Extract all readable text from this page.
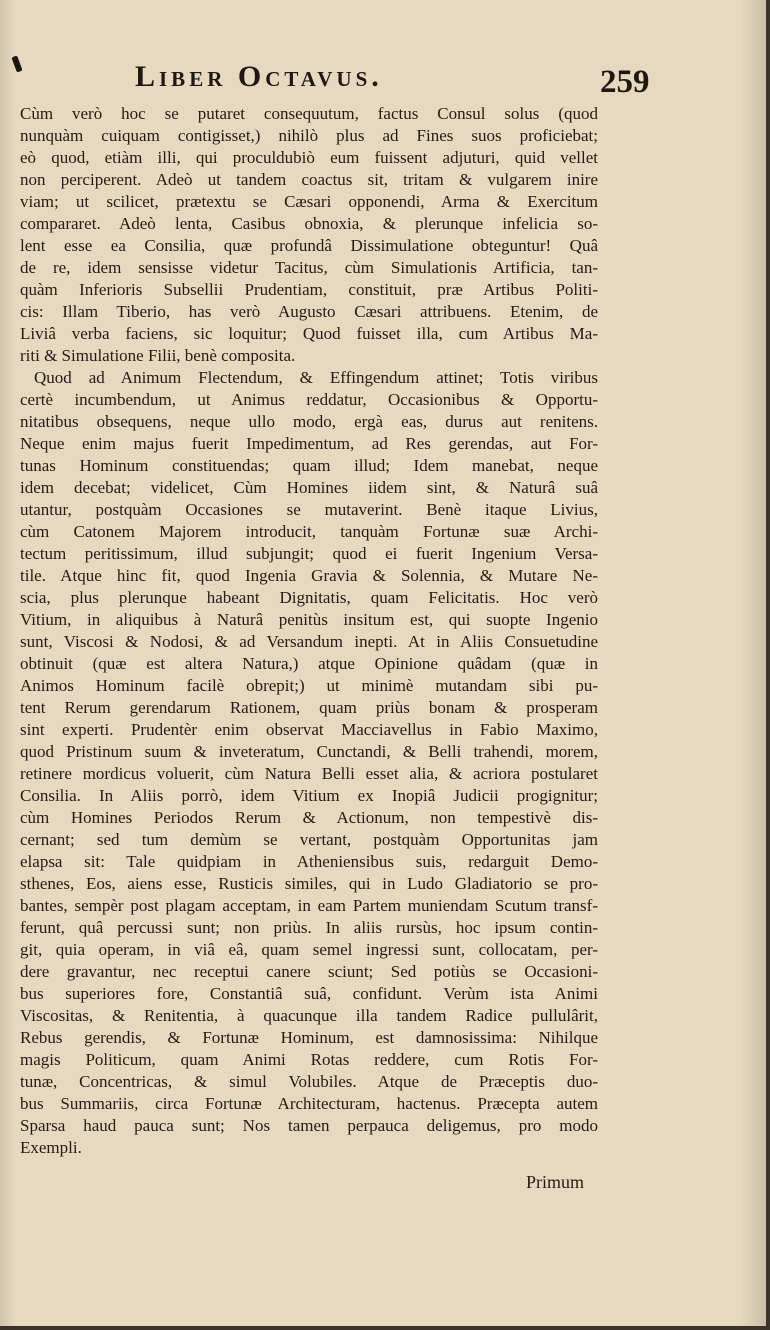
Liber Octavus.	259
Cùm verò hoc se putaret consequutum, factus Consul solus (quod
nunquàm cuiquam contigisset,) nihilò plus ad Fines suos proficiebat;
eò quod, etiàm illi, qui proculdubiò eum fuissent adjuturi, quid vellet
non perciperent. Adeò ut tandem coactus sit, tritam & vulgarem inire
viam; ut scilicet, prætextu se Cæsari opponendi, Arma & Exercitum
compararet. Adeò lenta, Casibus obnoxia, & plerunque infelicia so-
lent esse ea Consilia, quæ profundâ Dissimulatione obteguntur! Quâ
de re, idem sensisse videtur Tacitus, cùm Simulationis Artificia, tan-
quàm Inferioris Subsellii Prudentiam, constituit, præ Artibus Politi-
cis: Illam Tiberio, has verò Augusto Cæsari attribuens. Etenim, de
Liviâ verba faciens, sic loquitur; Quod fuisset illa, cum Artibus Ma-
riti & Simulatione Filii, benè composita.
Quod ad Animum Flectendum, & Effingendum attinet; Totis viribus
certè incumbendum, ut Animus reddatur, Occasionibus & Opportu-
nitatibus obsequens, neque ullo modo, ergà eas, durus aut renitens.
Neque enim majus fuerit Impedimentum, ad Res gerendas, aut For-
tunas Hominum constituendas; quam illud; Idem manebat, neque
idem decebat; videlicet, Cùm Homines iidem sint, & Naturâ suâ
utantur, postquàm Occasiones se mutaverint. Benè itaque Livius,
cùm Catonem Majorem introducit, tanquàm Fortunæ suæ Archi-
tectum peritissimum, illud subjungit; quod ei fuerit Ingenium Versa-
tile. Atque hinc fit, quod Ingenia Gravia & Solennia, & Mutare Ne-
scia, plus plerunque habeant Dignitatis, quam Felicitatis. Hoc verò
Vitium, in aliquibus à Naturâ penitùs insitum est, qui suopte Ingenio
sunt, Viscosi & Nodosi, & ad Versandum inepti. At in Aliis Consuetudine
obtinuit (quæ est altera Natura,) atque Opinione quâdam (quæ in
Animos Hominum facilè obrepit;) ut minimè mutandam sibi pu-
tent Rerum gerendarum Rationem, quam priùs bonam & prosperam
sint experti. Prudentèr enim observat Macciavellus in Fabio Maximo,
quod Pristinum suum & inveteratum, Cunctandi, & Belli trahendi, morem,
retinere mordicus voluerit, cùm Natura Belli esset alia, & acriora postularet
Consilia. In Aliis porrò, idem Vitium ex Inopiâ Judicii progignitur;
cùm Homines Periodos Rerum & Actionum, non tempestivè dis-
cernant; sed tum demùm se vertant, postquàm Opportunitas jam
elapsa sit: Tale quidpiam in Atheniensibus suis, redarguit Demo-
sthenes, Eos, aiens esse, Rusticis similes, qui in Ludo Gladiatorio se pro-
bantes, sempèr post plagam acceptam, in eam Partem muniendam Scutum transf-
ferunt, quâ percussi sunt; non priùs. In aliis rursùs, hoc ipsum contin-
git, quia operam, in viâ eâ, quam semel ingressi sunt, collocatam, per-
dere gravantur, nec receptui canere sciunt; Sed potiùs se Occasioni-
bus superiores fore, Constantiâ suâ, confidunt. Verùm ista Animi
Viscositas, & Renitentia, à quacunque illa tandem Radice pullulârit,
Rebus gerendis, & Fortunæ Hominum, est damnosissima: Nihilque
magis Politicum, quam Animi Rotas reddere, cum Rotis For-
tunæ, Concentricas, & simul Volubiles. Atque de Præceptis duo-
bus Summariis, circa Fortunæ Architecturam, hactenus. Præcepta autem
Sparsa haud pauca sunt; Nos tamen perpauca deligemus, pro modo
Exempli.
Primum
